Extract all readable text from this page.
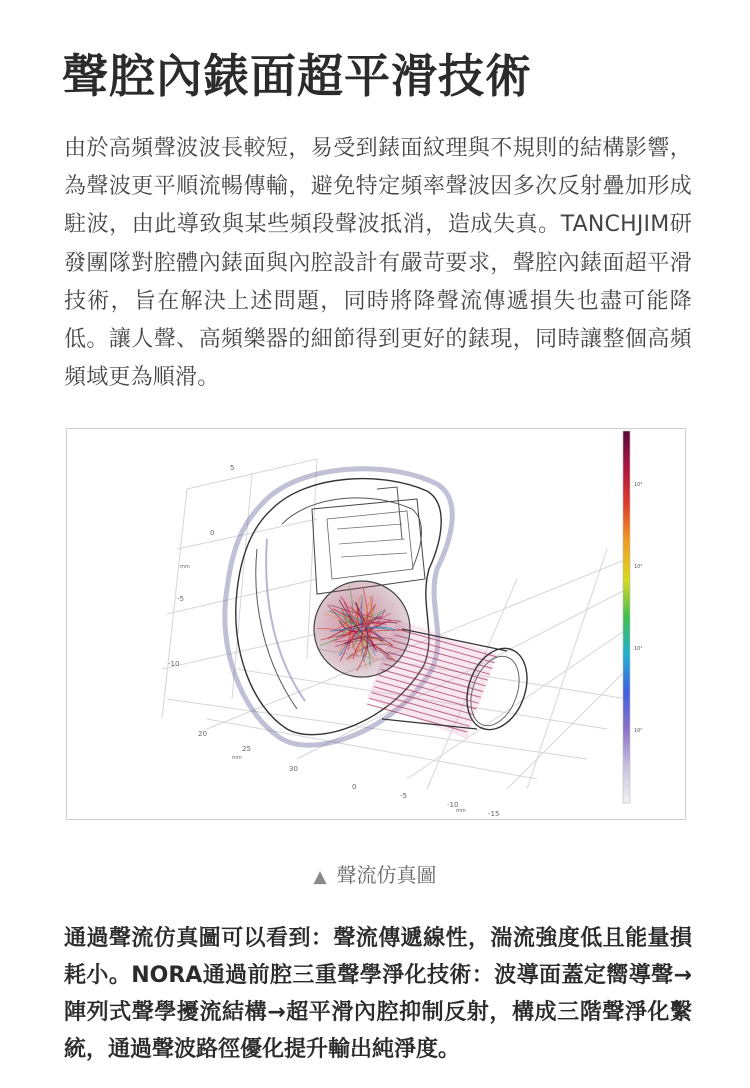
聲腔內錶面超平滑技術

由於高頻聲波波長較短，易受到錶面紋理與不規則的結構影響，為聲波更平順流暢傳輸，避免特定頻率聲波因多次反射疊加形成駐波，由此導致與某些頻段聲波抵消，造成失真。TANCHJIM研發團隊對腔體內錶面與內腔設計有嚴苛要求，聲腔內錶面超平滑技術，旨在解決上述問題，同時將降聲流傳遞損失也盡可能降低。讓人聲、高頻樂器的細節得到更好的錶現，同時讓整個高頻頻域更為順滑。

5
0
-5
-10
20
25
30
0
-5
-10
-15
mm
mm
mm
10³
10²
10¹
10⁰
▲ 聲流仿真圖

通過聲流仿真圖可以看到：聲流傳遞線性，湍流強度低且能量損耗小。NORA通過前腔三重聲學淨化技術：波導面蓋定嚮導聲→陣列式聲學擾流結構→超平滑內腔抑制反射，構成三階聲淨化繫統，通過聲波路徑優化提升輸出純淨度。
